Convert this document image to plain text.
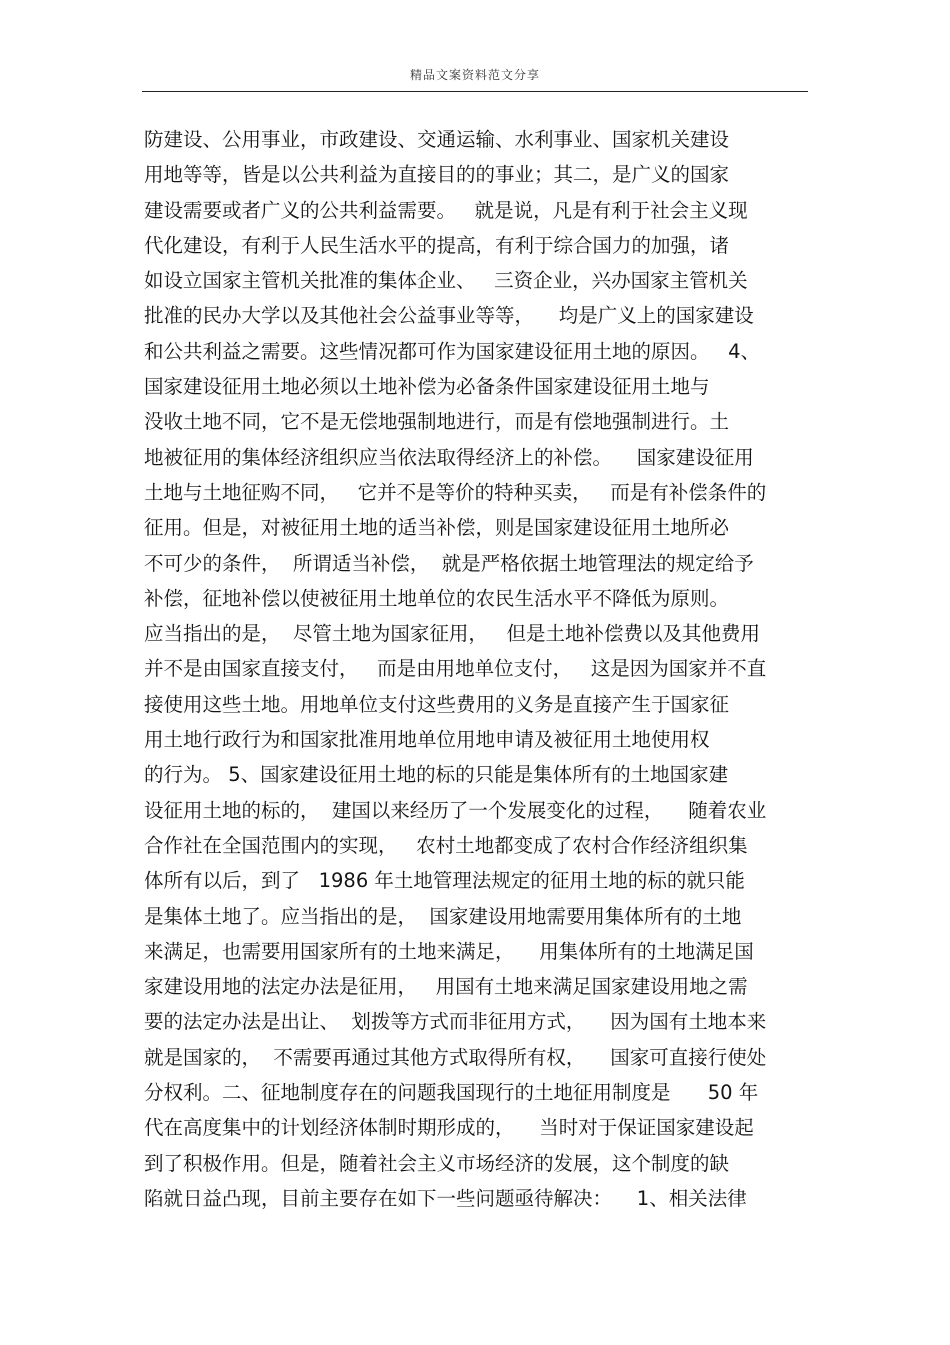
精品文案资料范文分享
防建设、公用事业，市政建设、交通运输、水利事业、国家机关建设
用地等等，皆是以公共利益为直接目的的事业；其二，是广义的国家
建设需要或者广义的公共利益需要。   就是说，凡是有利于社会主义现
代化建设，有利于人民生活水平的提高，有利于综合国力的加强，诸
如设立国家主管机关批准的集体企业、   三资企业，兴办国家主管机关
批准的民办大学以及其他社会公益事业等等，    均是广义上的国家建设
和公共利益之需要。这些情况都可作为国家建设征用土地的原因。   4、
国家建设征用土地必须以土地补偿为必备条件国家建设征用土地与
没收土地不同，它不是无偿地强制地进行，而是有偿地强制进行。土
地被征用的集体经济组织应当依法取得经济上的补偿。    国家建设征用
土地与土地征购不同，   它并不是等价的特种买卖，   而是有补偿条件的
征用。但是，对被征用土地的适当补偿，则是国家建设征用土地所必
不可少的条件，  所谓适当补偿，  就是严格依据土地管理法的规定给予
补偿，征地补偿以使被征用土地单位的农民生活水平不降低为原则。
应当指出的是，  尽管土地为国家征用，   但是土地补偿费以及其他费用
并不是由国家直接支付，   而是由用地单位支付，   这是因为国家并不直
接使用这些土地。用地单位支付这些费用的义务是直接产生于国家征
用土地行政行为和国家批准用地单位用地申请及被征用土地使用权
的行为。 5、国家建设征用土地的标的只能是集体所有的土地国家建
设征用土地的标的，  建国以来经历了一个发展变化的过程，    随着农业
合作社在全国范围内的实现，   农村土地都变成了农村合作经济组织集
体所有以后，到了   1986 年土地管理法规定的征用土地的标的就只能
是集体土地了。应当指出的是，  国家建设用地需要用集体所有的土地
来满足，也需要用国家所有的土地来满足，    用集体所有的土地满足国
家建设用地的法定办法是征用，   用国有土地来满足国家建设用地之需
要的法定办法是出让、  划拨等方式而非征用方式，    因为国有土地本来
就是国家的，  不需要再通过其他方式取得所有权，    国家可直接行使处
分权利。二、征地制度存在的问题我国现行的土地征用制度是      50 年
代在高度集中的计划经济体制时期形成的，    当时对于保证国家建设起
到了积极作用。但是，随着社会主义市场经济的发展，这个制度的缺
陷就日益凸现，目前主要存在如下一些问题亟待解决：    1、相关法律
